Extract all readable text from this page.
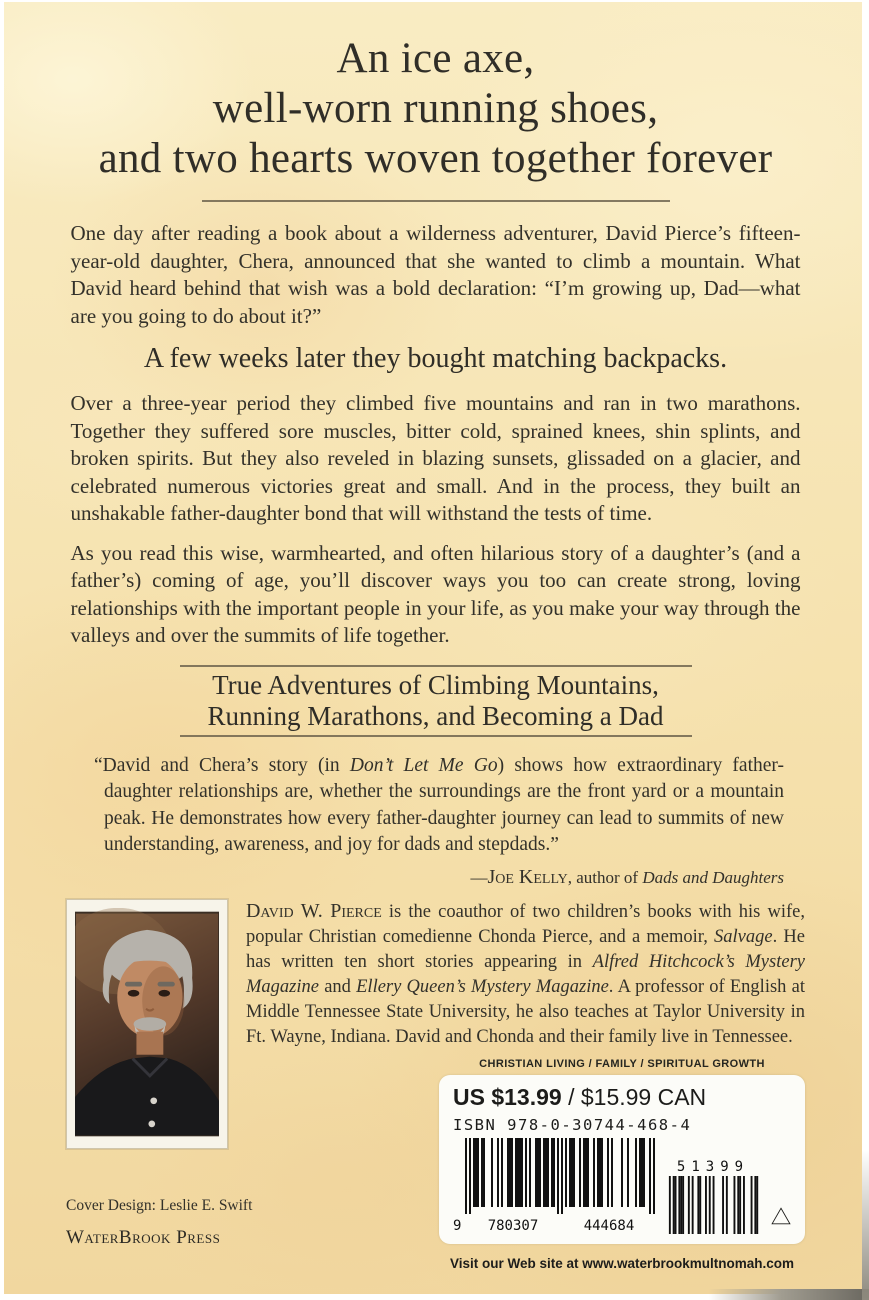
An ice axe,
well-worn running shoes,
and two hearts woven together forever

One day after reading a book about a wilderness adventurer, David Pierce’s fifteen-year-old daughter, Chera, announced that she wanted to climb a mountain. What David heard behind that wish was a bold declaration: “I’m growing up, Dad—what are you going to do about it?”

A few weeks later they bought matching backpacks.

Over a three-year period they climbed five mountains and ran in two marathons. Together they suffered sore muscles, bitter cold, sprained knees, shin splints, and broken spirits. But they also reveled in blazing sunsets, glissaded on a glacier, and celebrated numerous victories great and small. And in the process, they built an unshakable father-daughter bond that will withstand the tests of time.

As you read this wise, warmhearted, and often hilarious story of a daughter’s (and a father’s) coming of age, you’ll discover ways you too can create strong, loving relationships with the important people in your life, as you make your way through the valleys and over the summits of life together.

True Adventures of Climbing Mountains,
Running Marathons, and Becoming a Dad
“David and Chera’s story (in Don’t Let Me Go) shows how extraordinary father-daughter relationships are, whether the surroundings are the front yard or a mountain peak. He demonstrates how every father-daughter journey can lead to summits of new understanding, awareness, and joy for dads and stepdads.”
—Joe Kelly, author of Dads and Daughters
Cover Design: Leslie E. Swift
WaterBrook Press
David W. Pierce is the coauthor of two children’s books with his wife, popular Christian comedienne Chonda Pierce, and a memoir, Salvage. He has written ten short stories appearing in Alfred Hitchcock’s Mystery Magazine and Ellery Queen’s Mystery Magazine. A professor of English at Middle Tennessee State University, he also teaches at Taylor University in Ft. Wayne, Indiana. David and Chonda and their family live in Tennessee.
CHRISTIAN LIVING / FAMILY / SPIRITUAL GROWTH
US $13.99 / $15.99 CAN
ISBN 978-0-30744-468-4
9 780307	444684
51399
Visit our Web site at www.waterbrookmultnomah.com
